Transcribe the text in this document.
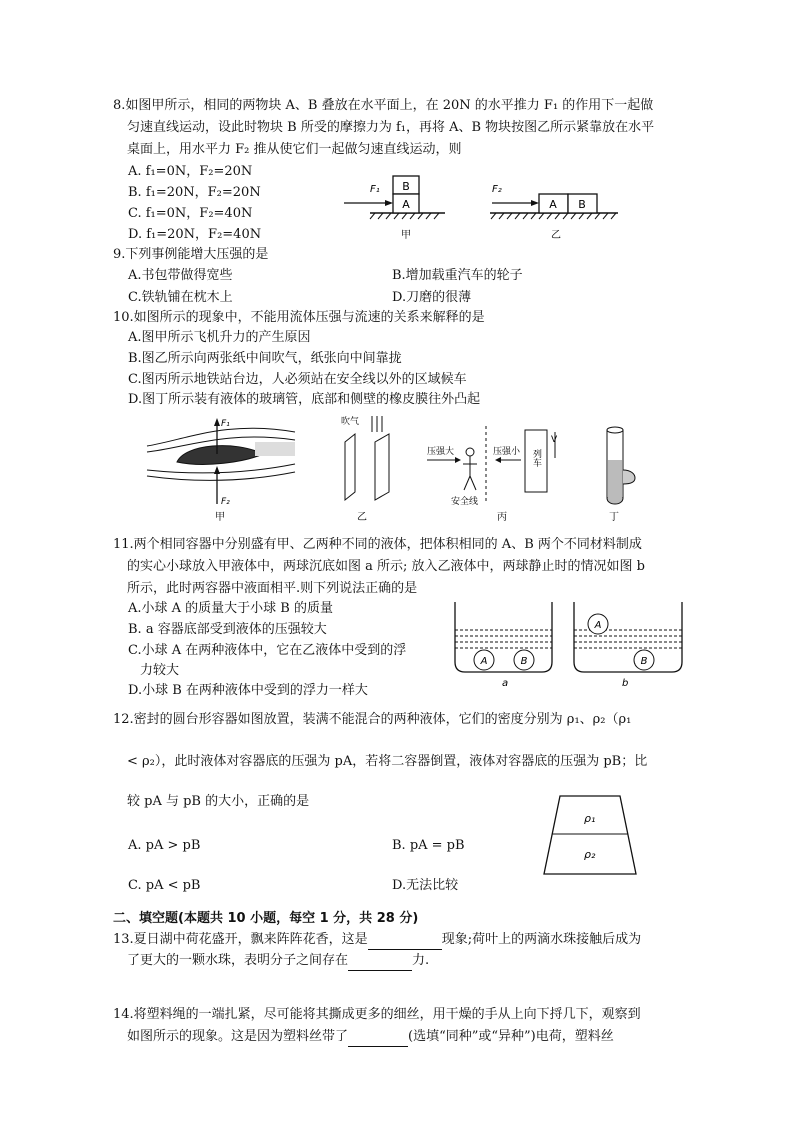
8.如图甲所示，相同的两物块 A、B 叠放在水平面上，在 20N 的水平推力 F₁ 的作用下一起做
匀速直线运动，设此时物块 B 所受的摩擦力为 f₁，再将 A、B 物块按图乙所示紧靠放在水平
桌面上，用水平力 F₂ 推从使它们一起做匀速直线运动，则
A. f₁=0N，F₂=20N
B. f₁=20N，F₂=20N
C. f₁=0N，F₂=40N
D. f₁=20N，F₂=40N
B
A
F₁
甲
A B
F₂
乙
9.下列事例能增大压强的是
A.书包带做得宽些	B.增加载重汽车的轮子
C.铁轨铺在枕木上	D.刀磨的很薄
10.如图所示的现象中，不能用流体压强与流速的关系来解释的是
A.图甲所示飞机升力的产生原因
B.图乙所示向两张纸中间吹气，纸张向中间靠拢
C.图丙所示地铁站台边，人必须站在安全线以外的区域候车
D.图丁所示装有液体的玻璃管，底部和侧壁的橡皮膜往外凸起
F₁
F₂
甲
吹气
乙
压强大
安全线
压强小 列车
V
丙	丁
11.两个相同容器中分别盛有甲、乙两种不同的液体，把体积相同的 A、B 两个不同材料制成
的实心小球放入甲液体中，两球沉底如图 a 所示; 放入乙液体中，两球静止时的情况如图 b
所示，此时两容器中液面相平.则下列说法正确的是
A.小球 A 的质量大于小球 B 的质量
B. a 容器底部受到液体的压强较大
C.小球 A 在两种液体中，它在乙液体中受到的浮
力较大
D.小球 B 在两种液体中受到的浮力一样大
A	B
a
A
B
b
12.密封的圆台形容器如图放置，装满不能混合的两种液体，它们的密度分别为 ρ₁、ρ₂（ρ₁
< ρ₂），此时液体对容器底的压强为 pA，若将二容器倒置，液体对容器底的压强为 pB；比
较 pA 与 pB 的大小，正确的是
A. pA > pB	B. pA = pB
C. pA < pB	D.无法比较
ρ₁
ρ₂
二、填空题(本题共 10 小题，每空 1 分，共 28 分)
13.夏日湖中荷花盛开，飘来阵阵花香，这是	现象;荷叶上的两滴水珠接触后成为
了更大的一颗水珠，表明分子之间存在	力.
14.将塑料绳的一端扎紧，尽可能将其撕成更多的细丝，用干燥的手从上向下捋几下，观察到
如图所示的现象。这是因为塑料丝带了	(选填“同种”或“异种”)电荷，塑料丝
